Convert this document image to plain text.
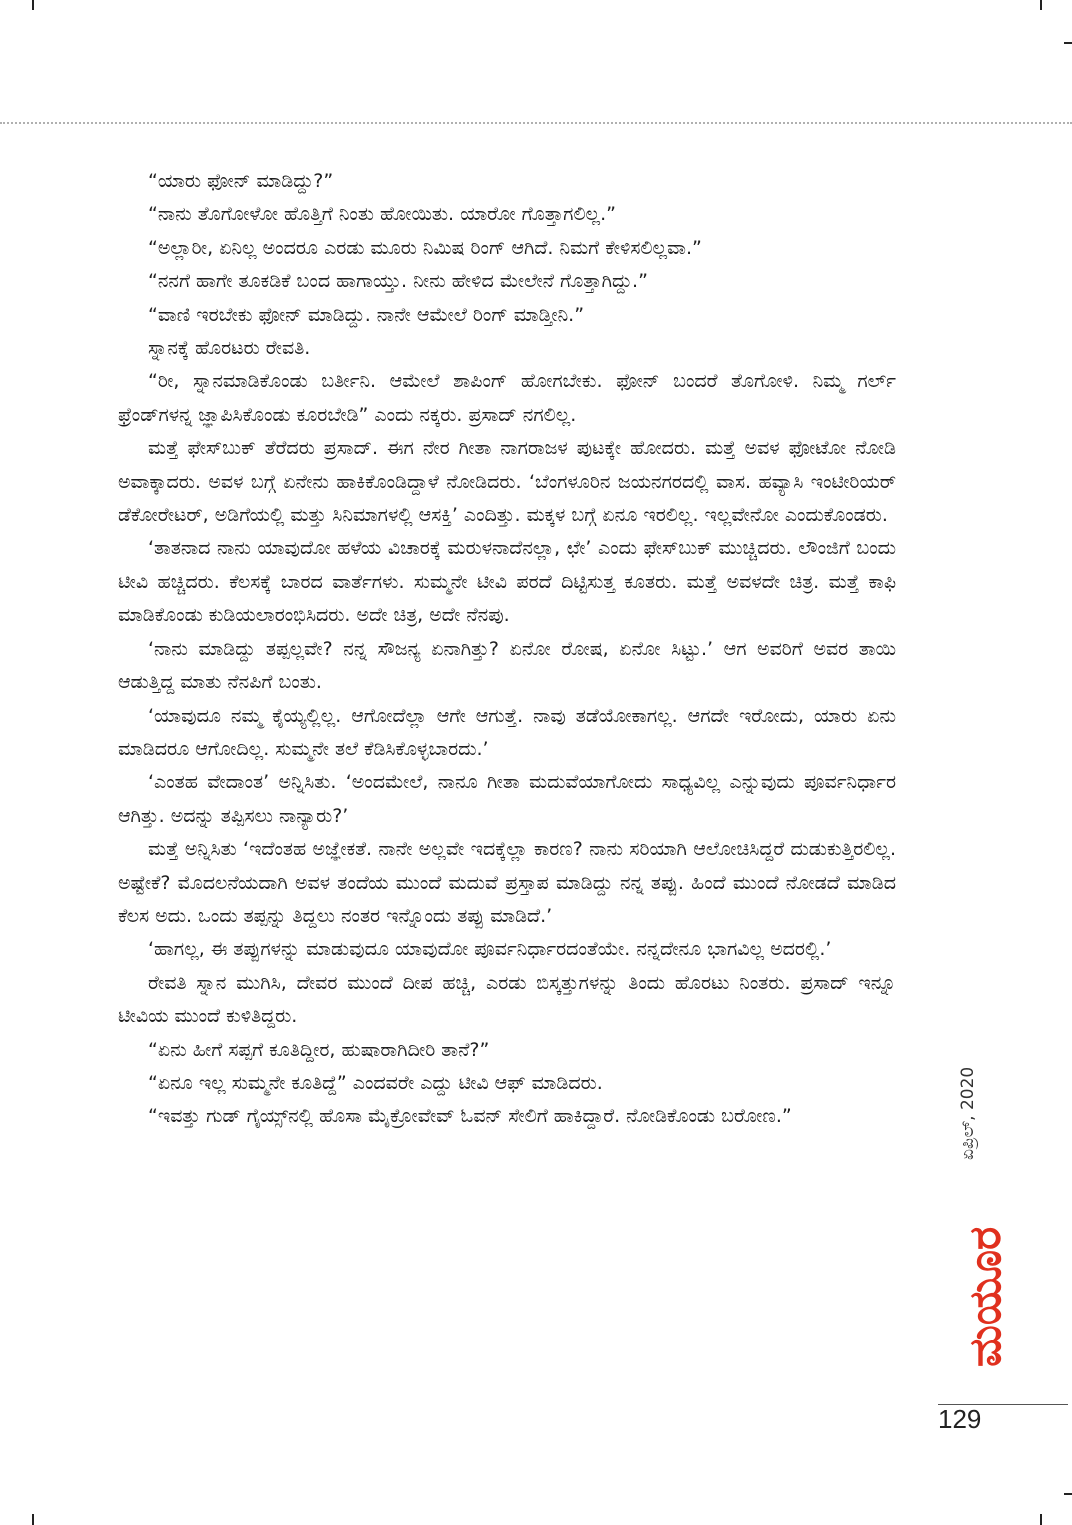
“ಯಾರು ಫೋನ್ ಮಾಡಿದ್ದು?”

“ನಾನು ತೊಗೋಳೋ ಹೊತ್ತಿಗೆ ನಿಂತು ಹೋಯಿತು. ಯಾರೋ ಗೊತ್ತಾಗಲಿಲ್ಲ.”

“ಅಲ್ಲಾರೀ, ಏನಿಲ್ಲ ಅಂದರೂ ಎರಡು ಮೂರು ನಿಮಿಷ ರಿಂಗ್ ಆಗಿದೆ. ನಿಮಗೆ ಕೇಳಿಸಲಿಲ್ಲವಾ.”

“ನನಗೆ ಹಾಗೇ ತೂಕಡಿಕೆ ಬಂದ ಹಾಗಾಯ್ತು. ನೀನು ಹೇಳಿದ ಮೇಲೇನೆ ಗೊತ್ತಾಗಿದ್ದು.”

“ವಾಣಿ ಇರಬೇಕು ಫೋನ್ ಮಾಡಿದ್ದು. ನಾನೇ ಆಮೇಲೆ ರಿಂಗ್ ಮಾಡ್ತೀನಿ.”

ಸ್ನಾನಕ್ಕೆ ಹೊರಟರು ರೇವತಿ.

“ರೀ, ಸ್ನಾನಮಾಡಿಕೊಂಡು ಬರ್ತೀನಿ. ಆಮೇಲೆ ಶಾಪಿಂಗ್ ಹೋಗಬೇಕು. ಫೋನ್ ಬಂದರೆ ತೊಗೋಳಿ. ನಿಮ್ಮ ಗರ್ಲ್ ಫ್ರೆಂಡ್‌ಗಳನ್ನ ಜ್ಞಾಪಿಸಿಕೊಂಡು ಕೂರಬೇಡಿ” ಎಂದು ನಕ್ಕರು. ಪ್ರಸಾದ್ ನಗಲಿಲ್ಲ.

ಮತ್ತೆ ಫೇಸ್‌ಬುಕ್ ತೆರೆದರು ಪ್ರಸಾದ್. ಈಗ ನೇರ ಗೀತಾ ನಾಗರಾಜಳ ಪುಟಕ್ಕೇ ಹೋದರು. ಮತ್ತೆ ಅವಳ ಫೋಟೋ ನೋಡಿ ಅವಾಕ್ಕಾದರು. ಅವಳ ಬಗ್ಗೆ ಏನೇನು ಹಾಕಿಕೊಂಡಿದ್ದಾಳೆ ನೋಡಿದರು. ‘ಬೆಂಗಳೂರಿನ ಜಯನಗರದಲ್ಲಿ ವಾಸ. ಹವ್ಯಾಸಿ ಇಂಟೀರಿಯರ್ ಡೆಕೋರೇಟರ್, ಅಡಿಗೆಯಲ್ಲಿ ಮತ್ತು ಸಿನಿಮಾಗಳಲ್ಲಿ ಆಸಕ್ತಿ’ ಎಂದಿತ್ತು. ಮಕ್ಕಳ ಬಗ್ಗೆ ಏನೂ ಇರಲಿಲ್ಲ. ಇಲ್ಲವೇನೋ ಎಂದುಕೊಂಡರು.

‘ತಾತನಾದ ನಾನು ಯಾವುದೋ ಹಳೆಯ ವಿಚಾರಕ್ಕೆ ಮರುಳನಾದೆನಲ್ಲಾ, ಛೇ’ ಎಂದು ಫೇಸ್‌ಬುಕ್ ಮುಚ್ಚಿದರು. ಲೌಂಜಿಗೆ ಬಂದು ಟೀವಿ ಹಚ್ಚಿದರು. ಕೆಲಸಕ್ಕೆ ಬಾರದ ವಾರ್ತೆಗಳು. ಸುಮ್ಮನೇ ಟೀವಿ ಪರದೆ ದಿಟ್ಟಿಸುತ್ತ ಕೂತರು. ಮತ್ತೆ ಅವಳದೇ ಚಿತ್ರ. ಮತ್ತೆ ಕಾಫಿ ಮಾಡಿಕೊಂಡು ಕುಡಿಯಲಾರಂಭಿಸಿದರು. ಅದೇ ಚಿತ್ರ, ಅದೇ ನೆನಪು.

‘ನಾನು ಮಾಡಿದ್ದು ತಪ್ಪಲ್ಲವೇ? ನನ್ನ ಸೌಜನ್ಯ ಏನಾಗಿತ್ತು? ಏನೋ ರೋಷ, ಏನೋ ಸಿಟ್ಟು.’ ಆಗ ಅವರಿಗೆ ಅವರ ತಾಯಿ ಆಡುತ್ತಿದ್ದ ಮಾತು ನೆನಪಿಗೆ ಬಂತು.

‘ಯಾವುದೂ ನಮ್ಮ ಕೈಯ್ಯಲ್ಲಿಲ್ಲ. ಆಗೋದೆಲ್ಲಾ ಆಗೇ ಆಗುತ್ತೆ. ನಾವು ತಡೆಯೋಕಾಗಲ್ಲ. ಆಗದೇ ಇರೋದು, ಯಾರು ಏನು ಮಾಡಿದರೂ ಆಗೋದಿಲ್ಲ. ಸುಮ್ಮನೇ ತಲೆ ಕೆಡಿಸಿಕೊಳ್ಳಬಾರದು.’

‘ಎಂತಹ ವೇದಾಂತ’ ಅನ್ನಿಸಿತು. ‘ಅಂದಮೇಲೆ, ನಾನೂ ಗೀತಾ ಮದುವೆಯಾಗೋದು ಸಾಧ್ಯವಿಲ್ಲ ಎನ್ನುವುದು ಪೂರ್ವನಿರ್ಧಾರ ಆಗಿತ್ತು. ಅದನ್ನು ತಪ್ಪಿಸಲು ನಾನ್ಯಾರು?’

ಮತ್ತೆ ಅನ್ನಿಸಿತು ‘ಇದೆಂತಹ ಅಜ್ಞೇಕತೆ. ನಾನೇ ಅಲ್ಲವೇ ಇದಕ್ಕೆಲ್ಲಾ ಕಾರಣ? ನಾನು ಸರಿಯಾಗಿ ಆಲೋಚಿಸಿದ್ದರೆ ದುಡುಕುತ್ತಿರಲಿಲ್ಲ. ಅಷ್ಟೇಕೆ? ಮೊದಲನೆಯದಾಗಿ ಅವಳ ತಂದೆಯ ಮುಂದೆ ಮದುವೆ ಪ್ರಸ್ತಾಪ ಮಾಡಿದ್ದು ನನ್ನ ತಪ್ಪು. ಹಿಂದೆ ಮುಂದೆ ನೋಡದೆ ಮಾಡಿದ ಕೆಲಸ ಅದು. ಒಂದು ತಪ್ಪನ್ನು ತಿದ್ದಲು ನಂತರ ಇನ್ನೊಂದು ತಪ್ಪು ಮಾಡಿದೆ.’

‘ಹಾಗಲ್ಲ, ಈ ತಪ್ಪುಗಳನ್ನು ಮಾಡುವುದೂ ಯಾವುದೋ ಪೂರ್ವನಿರ್ಧಾರದಂತೆಯೇ. ನನ್ನದೇನೂ ಭಾಗವಿಲ್ಲ ಅದರಲ್ಲಿ.’

ರೇವತಿ ಸ್ನಾನ ಮುಗಿಸಿ, ದೇವರ ಮುಂದೆ ದೀಪ ಹಚ್ಚಿ, ಎರಡು ಬಿಸ್ಕತ್ತುಗಳನ್ನು ತಿಂದು ಹೊರಟು ನಿಂತರು. ಪ್ರಸಾದ್ ಇನ್ನೂ ಟೀವಿಯ ಮುಂದೆ ಕುಳಿತಿದ್ದರು.

“ಏನು ಹೀಗೆ ಸಪ್ಪಗೆ ಕೂತಿದ್ದೀರ, ಹುಷಾರಾಗಿದೀರಿ ತಾನೆ?”

“ಏನೂ ಇಲ್ಲ ಸುಮ್ಮನೇ ಕೂತಿದ್ದೆ” ಎಂದವರೇ ಎದ್ದು ಟೀವಿ ಆಫ್ ಮಾಡಿದರು.

“ಇವತ್ತು ಗುಡ್ ಗೈಯ್ಸ್‌ನಲ್ಲಿ ಹೊಸಾ ಮೈಕ್ರೋವೇವ್ ಓವನ್ ಸೇಲಿಗೆ ಹಾಕಿದ್ದಾರೆ. ನೋಡಿಕೊಂಡು ಬರೋಣ.”	ಏಪ್ರಿಲ್, 2020
ಮಯೂರ
129
